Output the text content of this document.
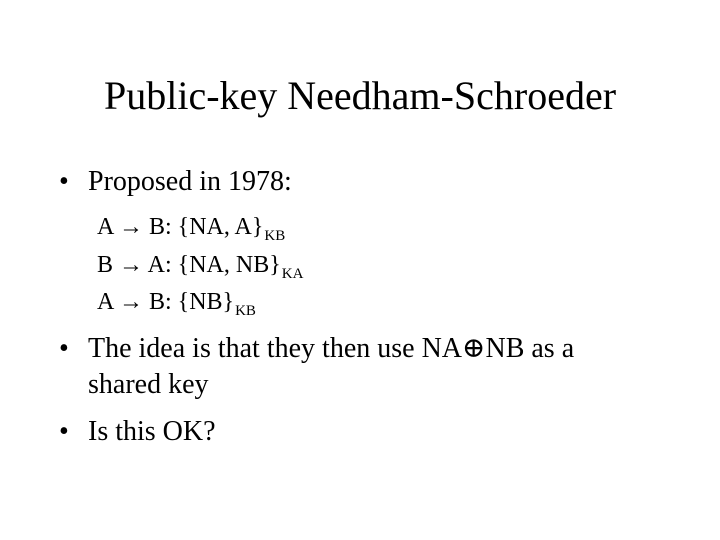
Public-key Needham-Schroeder
• Proposed in 1978:
A → B: {NA, $A\}_{KB}$
B → A: {NA, $NB\}_{KA}$
A → B: $\{NB\}_{KB}$
• The idea is that they then use NA⊕NB as a
shared key
• Is this OK?
